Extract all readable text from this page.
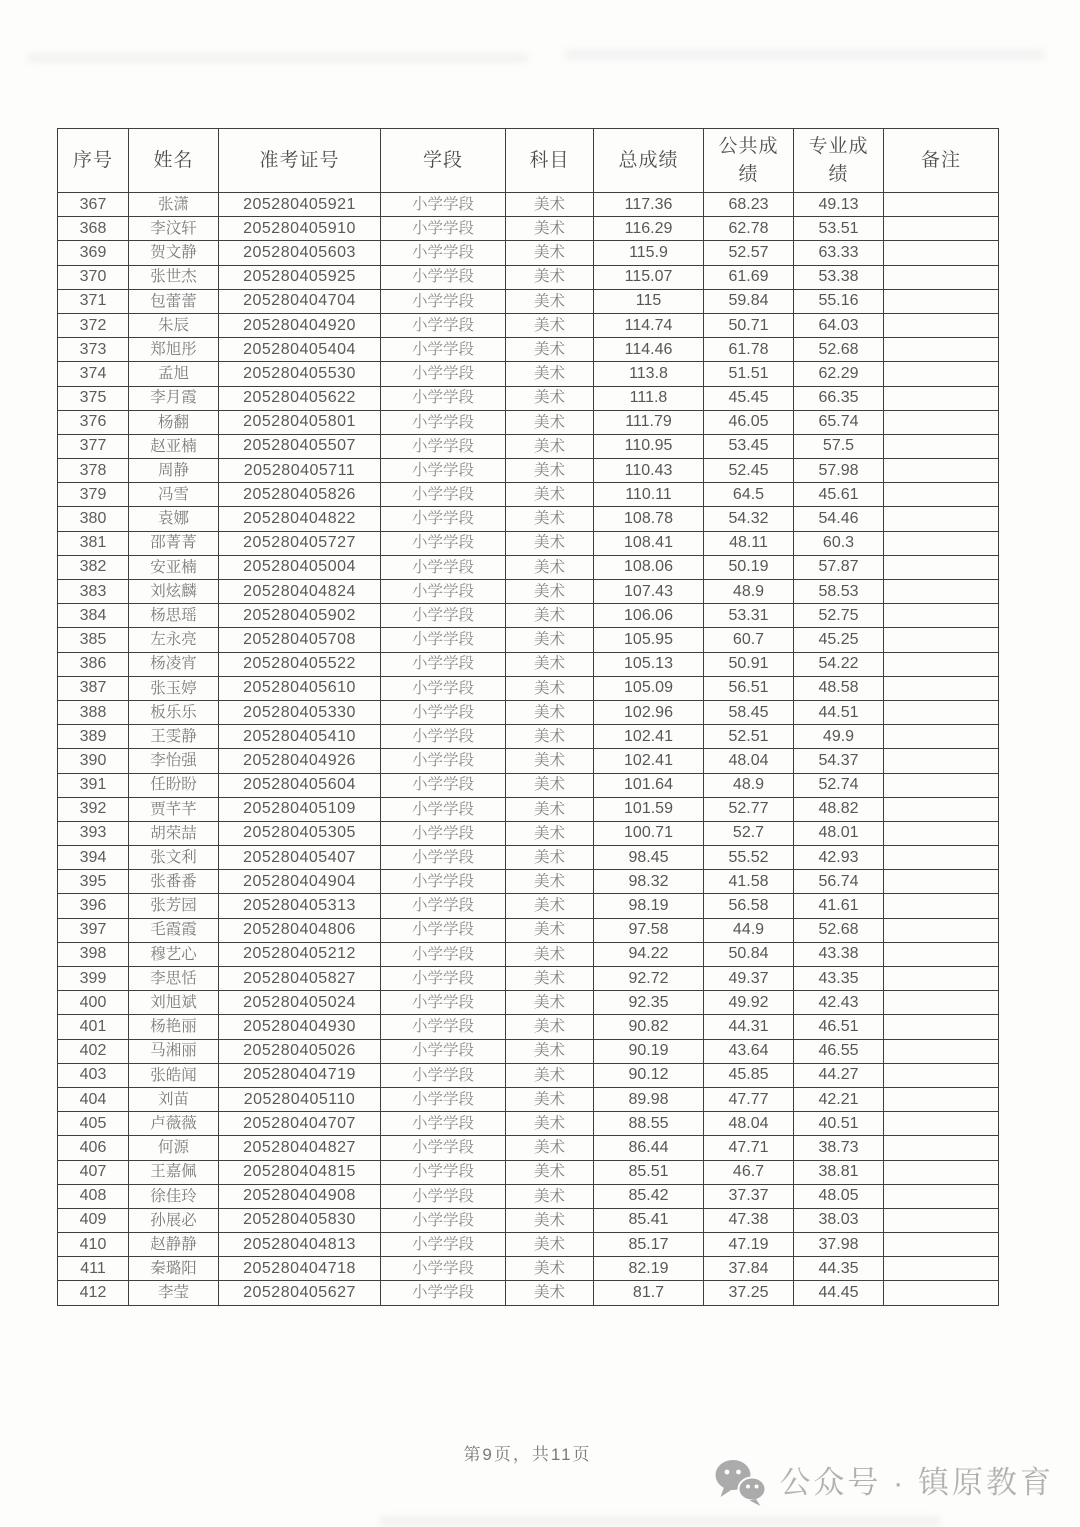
序号	姓名	准考证号	学段	科目	总成绩	公共成绩	专业成绩	备注
367	张潇	205280405921	小学学段	美术	117.36	68.23	49.13	
368	李汶轩	205280405910	小学学段	美术	116.29	62.78	53.51	
369	贺文静	205280405603	小学学段	美术	115.9	52.57	63.33	
370	张世杰	205280405925	小学学段	美术	115.07	61.69	53.38	
371	包蕾蕾	205280404704	小学学段	美术	115	59.84	55.16	
372	朱辰	205280404920	小学学段	美术	114.74	50.71	64.03	
373	郑旭彤	205280405404	小学学段	美术	114.46	61.78	52.68	
374	孟旭	205280405530	小学学段	美术	113.8	51.51	62.29	
375	李月霞	205280405622	小学学段	美术	111.8	45.45	66.35	
376	杨翻	205280405801	小学学段	美术	111.79	46.05	65.74	
377	赵亚楠	205280405507	小学学段	美术	110.95	53.45	57.5	
378	周静	205280405711	小学学段	美术	110.43	52.45	57.98	
379	冯雪	205280405826	小学学段	美术	110.11	64.5	45.61	
380	袁娜	205280404822	小学学段	美术	108.78	54.32	54.46	
381	邵菁菁	205280405727	小学学段	美术	108.41	48.11	60.3	
382	安亚楠	205280405004	小学学段	美术	108.06	50.19	57.87	
383	刘炫麟	205280404824	小学学段	美术	107.43	48.9	58.53	
384	杨思瑶	205280405902	小学学段	美术	106.06	53.31	52.75	
385	左永亮	205280405708	小学学段	美术	105.95	60.7	45.25	
386	杨凌宵	205280405522	小学学段	美术	105.13	50.91	54.22	
387	张玉婷	205280405610	小学学段	美术	105.09	56.51	48.58	
388	板乐乐	205280405330	小学学段	美术	102.96	58.45	44.51	
389	王雯静	205280405410	小学学段	美术	102.41	52.51	49.9	
390	李怡强	205280404926	小学学段	美术	102.41	48.04	54.37	
391	任盼盼	205280405604	小学学段	美术	101.64	48.9	52.74	
392	贾芊芊	205280405109	小学学段	美术	101.59	52.77	48.82	
393	胡荣喆	205280405305	小学学段	美术	100.71	52.7	48.01	
394	张文利	205280405407	小学学段	美术	98.45	55.52	42.93	
395	张番番	205280404904	小学学段	美术	98.32	41.58	56.74	
396	张芳园	205280405313	小学学段	美术	98.19	56.58	41.61	
397	毛霞霞	205280404806	小学学段	美术	97.58	44.9	52.68	
398	穆艺心	205280405212	小学学段	美术	94.22	50.84	43.38	
399	李思恬	205280405827	小学学段	美术	92.72	49.37	43.35	
400	刘旭斌	205280405024	小学学段	美术	92.35	49.92	42.43	
401	杨艳丽	205280404930	小学学段	美术	90.82	44.31	46.51	
402	马湘丽	205280405026	小学学段	美术	90.19	43.64	46.55	
403	张皓闻	205280404719	小学学段	美术	90.12	45.85	44.27	
404	刘苗	205280405110	小学学段	美术	89.98	47.77	42.21	
405	卢薇薇	205280404707	小学学段	美术	88.55	48.04	40.51	
406	何源	205280404827	小学学段	美术	86.44	47.71	38.73	
407	王嘉佩	205280404815	小学学段	美术	85.51	46.7	38.81	
408	徐佳玲	205280404908	小学学段	美术	85.42	37.37	48.05	
409	孙展必	205280405830	小学学段	美术	85.41	47.38	38.03	
410	赵静静	205280404813	小学学段	美术	85.17	47.19	37.98	
411	秦璐阳	205280404718	小学学段	美术	82.19	37.84	44.35	
412	李莹	205280405627	小学学段	美术	81.7	37.25	44.45	
第9页，共11页
公众号 · 镇原教育
